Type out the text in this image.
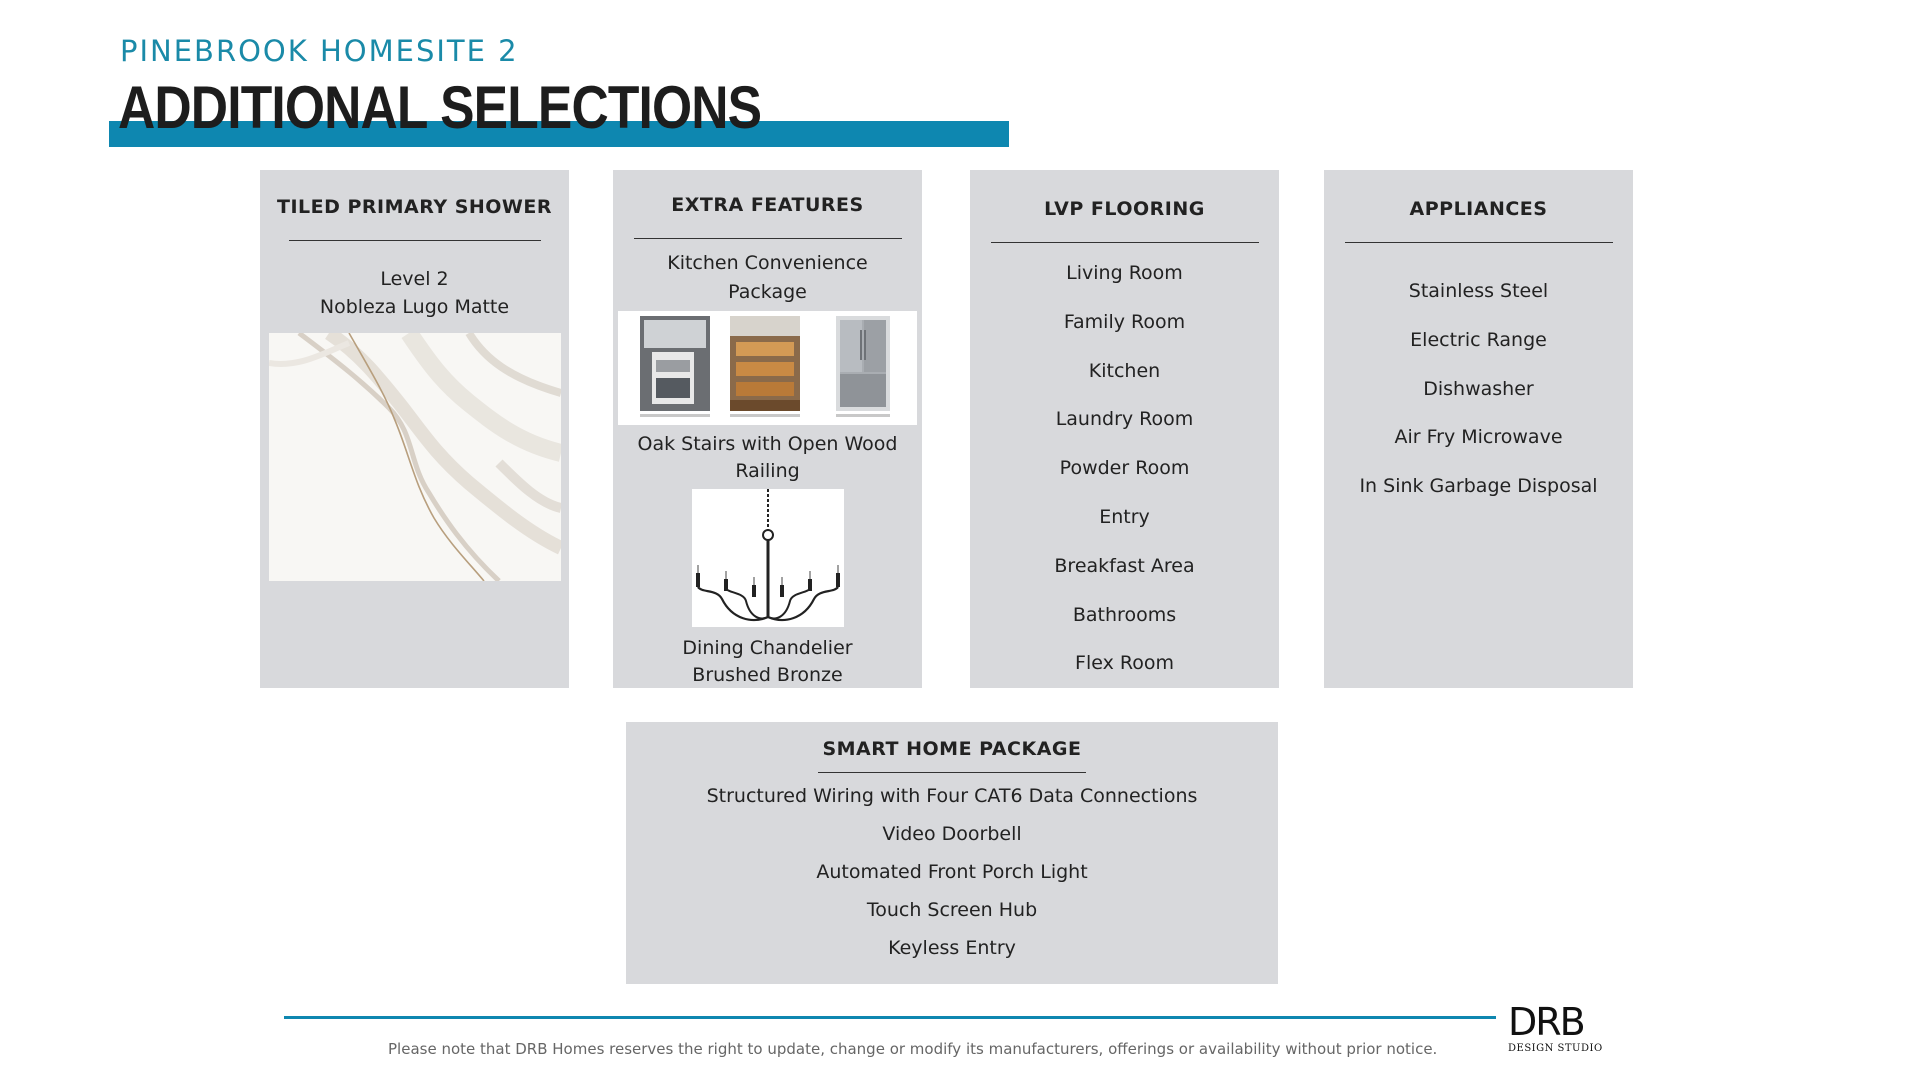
PINEBROOK HOMESITE 2
ADDITIONAL SELECTIONS
TILED PRIMARY SHOWER
Level 2
Nobleza Lugo Matte
EXTRA FEATURES
Kitchen Convenience
Package
Oak Stairs with Open Wood
Railing
Dining Chandelier
Brushed Bronze
LVP FLOORING
Living Room
Family Room
Kitchen
Laundry Room
Powder Room
Entry
Breakfast Area
Bathrooms
Flex Room
APPLIANCES
Stainless Steel
Electric Range
Dishwasher
Air Fry Microwave
In Sink Garbage Disposal
SMART HOME PACKAGE
Structured Wiring with Four CAT6 Data Connections
Video Doorbell
Automated Front Porch Light
Touch Screen Hub
Keyless Entry
Please note that DRB Homes reserves the right to update, change or modify its manufacturers, offerings or availability without prior notice.
DRB
DESIGN STUDIO
